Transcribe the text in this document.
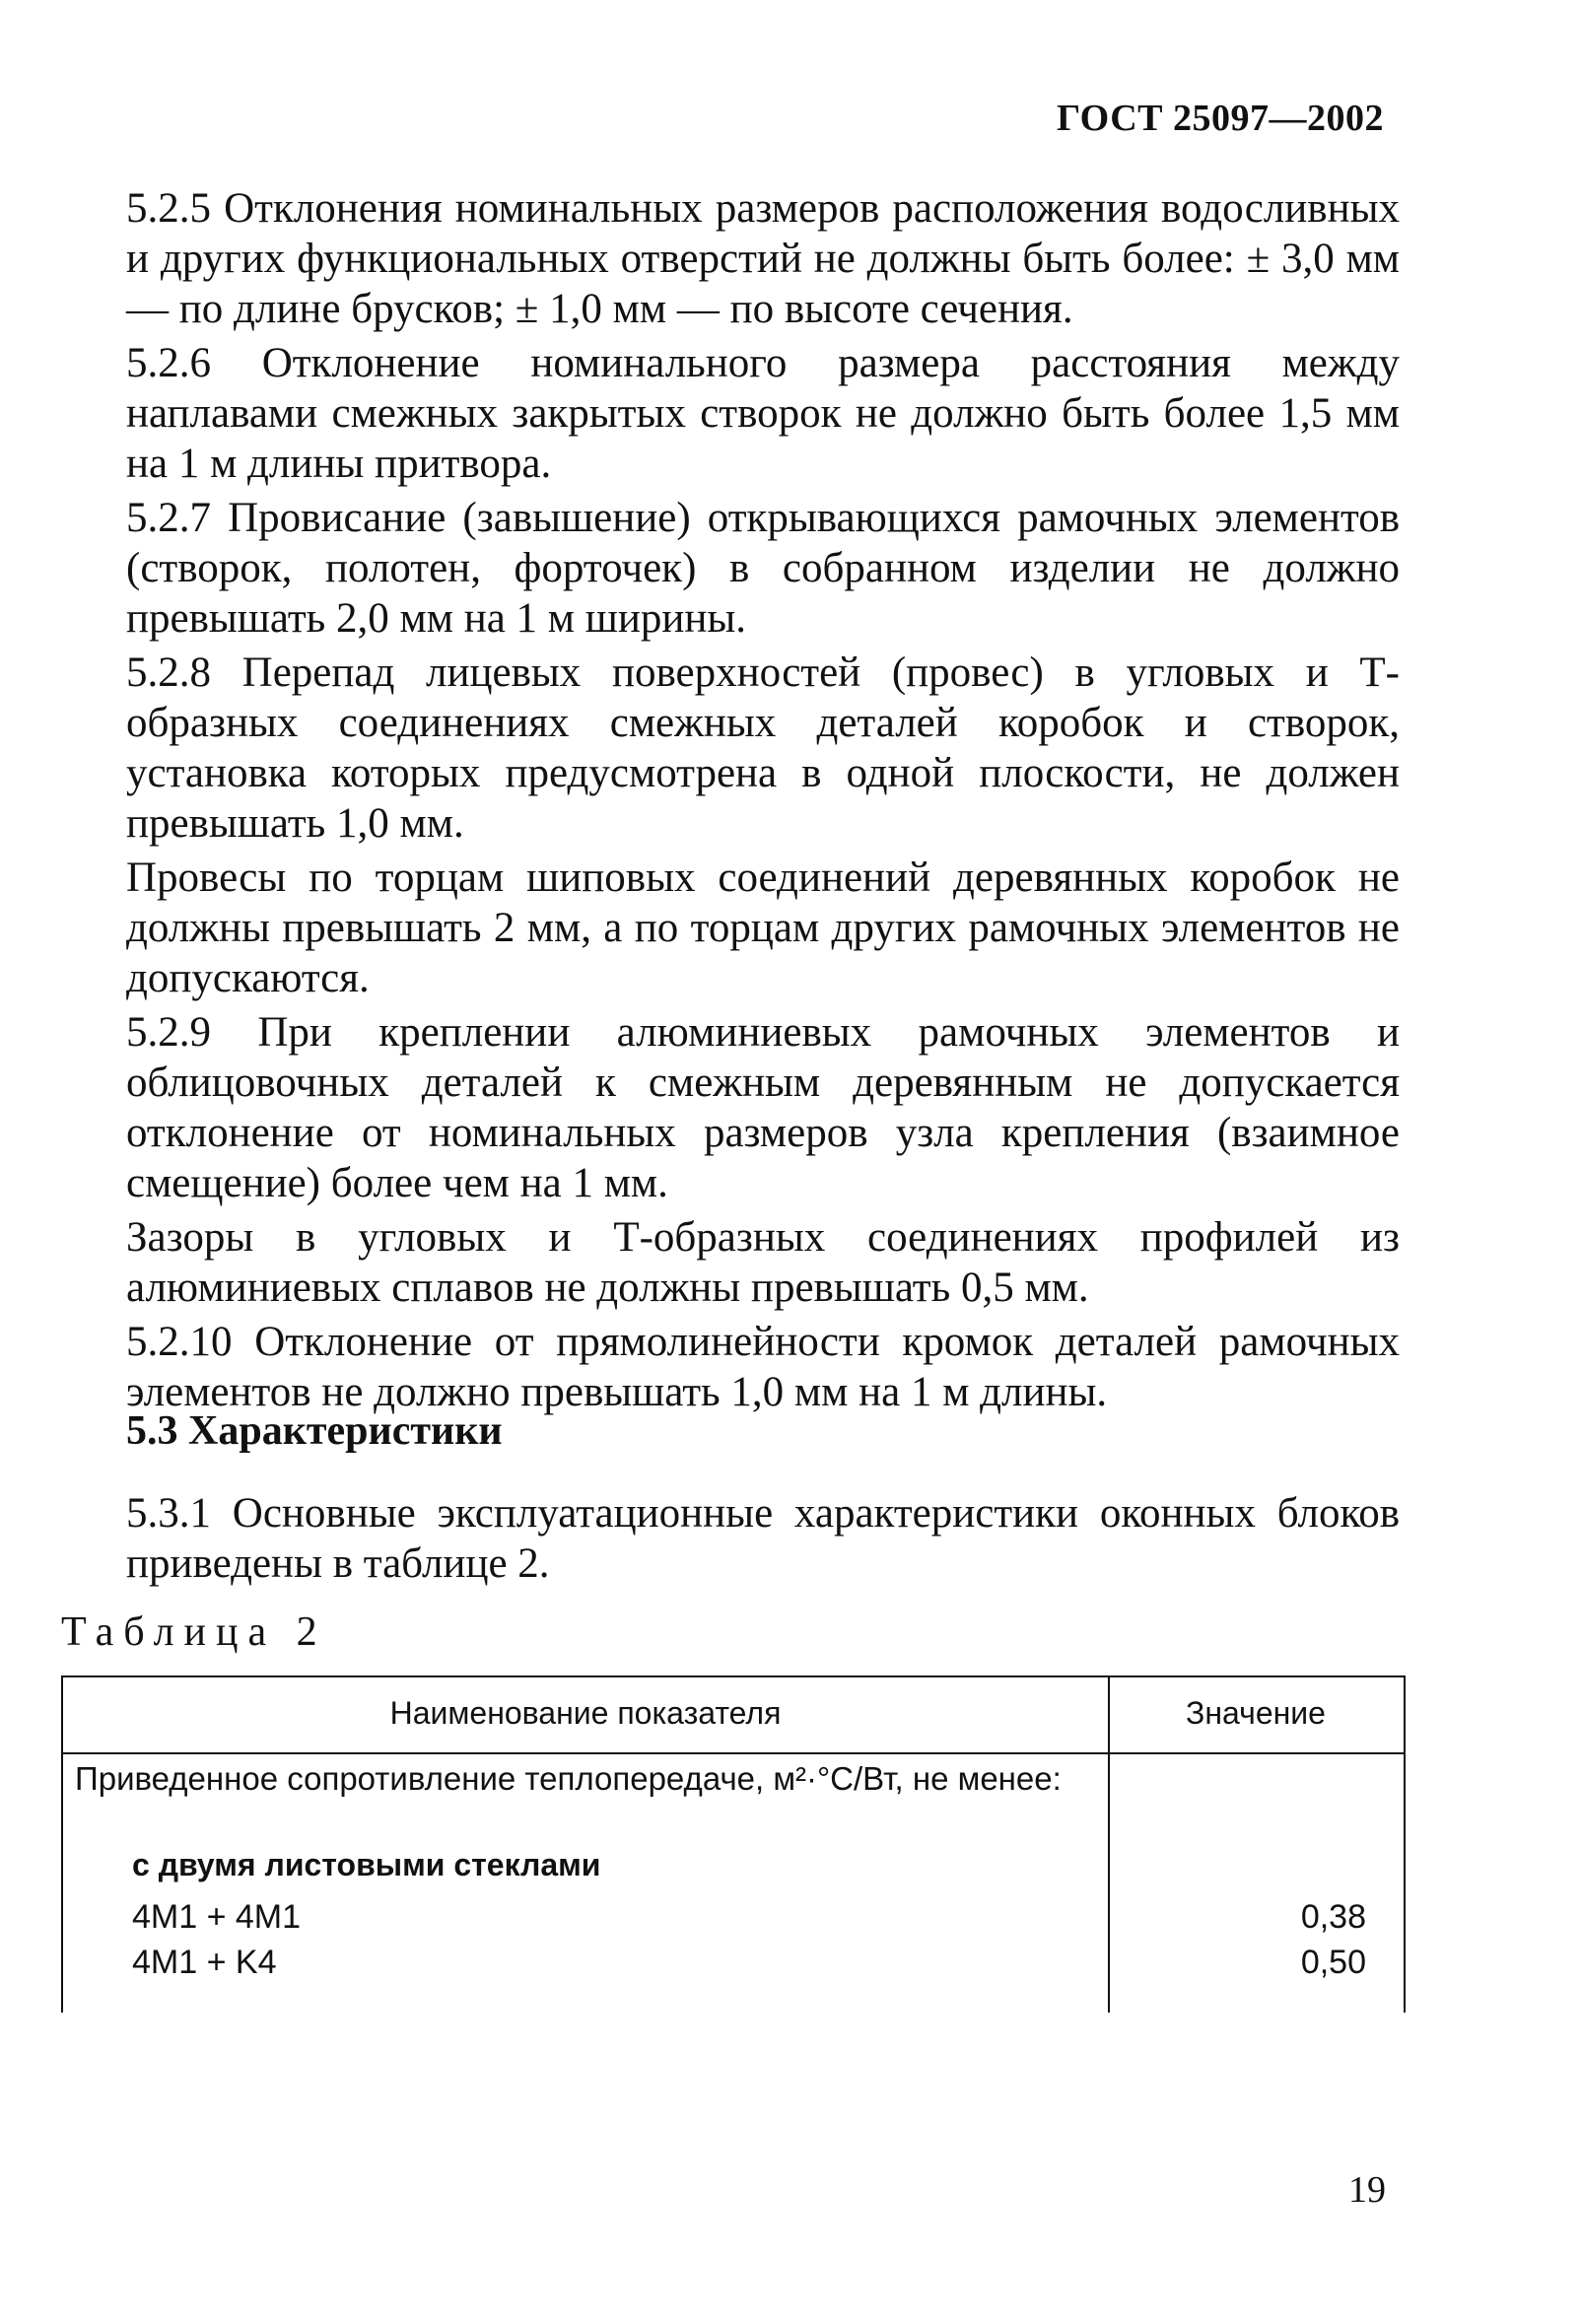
ГОСТ 25097—2002

5.2.5 Отклонения номинальных размеров расположения водосливных и других функциональных отверстий не должны быть более: ± 3,0 мм — по длине брусков; ± 1,0 мм — по высоте сечения.

5.2.6 Отклонение номинального размера расстояния между наплавами смежных закрытых створок не должно быть более 1,5 мм на 1 м длины притвора.

5.2.7 Провисание (завышение) открывающихся рамочных элементов (створок, полотен, форточек) в собранном изделии не должно превышать 2,0 мм на 1 м ширины.

5.2.8 Перепад лицевых поверхностей (провес) в угловых и Т-образных соединениях смежных деталей коробок и створок, установка которых предусмотрена в одной плоскости, не должен превышать 1,0 мм.

Провесы по торцам шиповых соединений деревянных коробок не должны превышать 2 мм, а по торцам других рамочных элементов не допускаются.

5.2.9 При креплении алюминиевых рамочных элементов и облицовочных деталей к смежным деревянным не допускается отклонение от номинальных размеров узла крепления (взаимное смещение) более чем на 1 мм.

Зазоры в угловых и Т-образных соединениях профилей из алюминиевых сплавов не должны превышать 0,5 мм.

5.2.10 Отклонение от прямолинейности кромок деталей рамочных элементов не должно превышать 1,0 мм на 1 м длины.

5.3 Характеристики

5.3.1 Основные эксплуатационные характеристики оконных блоков приведены в таблице 2.

Таблица 2
Наименование показателя	Значение
Приведенное сопротивление теплопередаче, м²·°С/Вт, не менее:
с двумя листовыми стеклами
4M1 + 4M1	0,38
4M1 + K4	0,50
19
